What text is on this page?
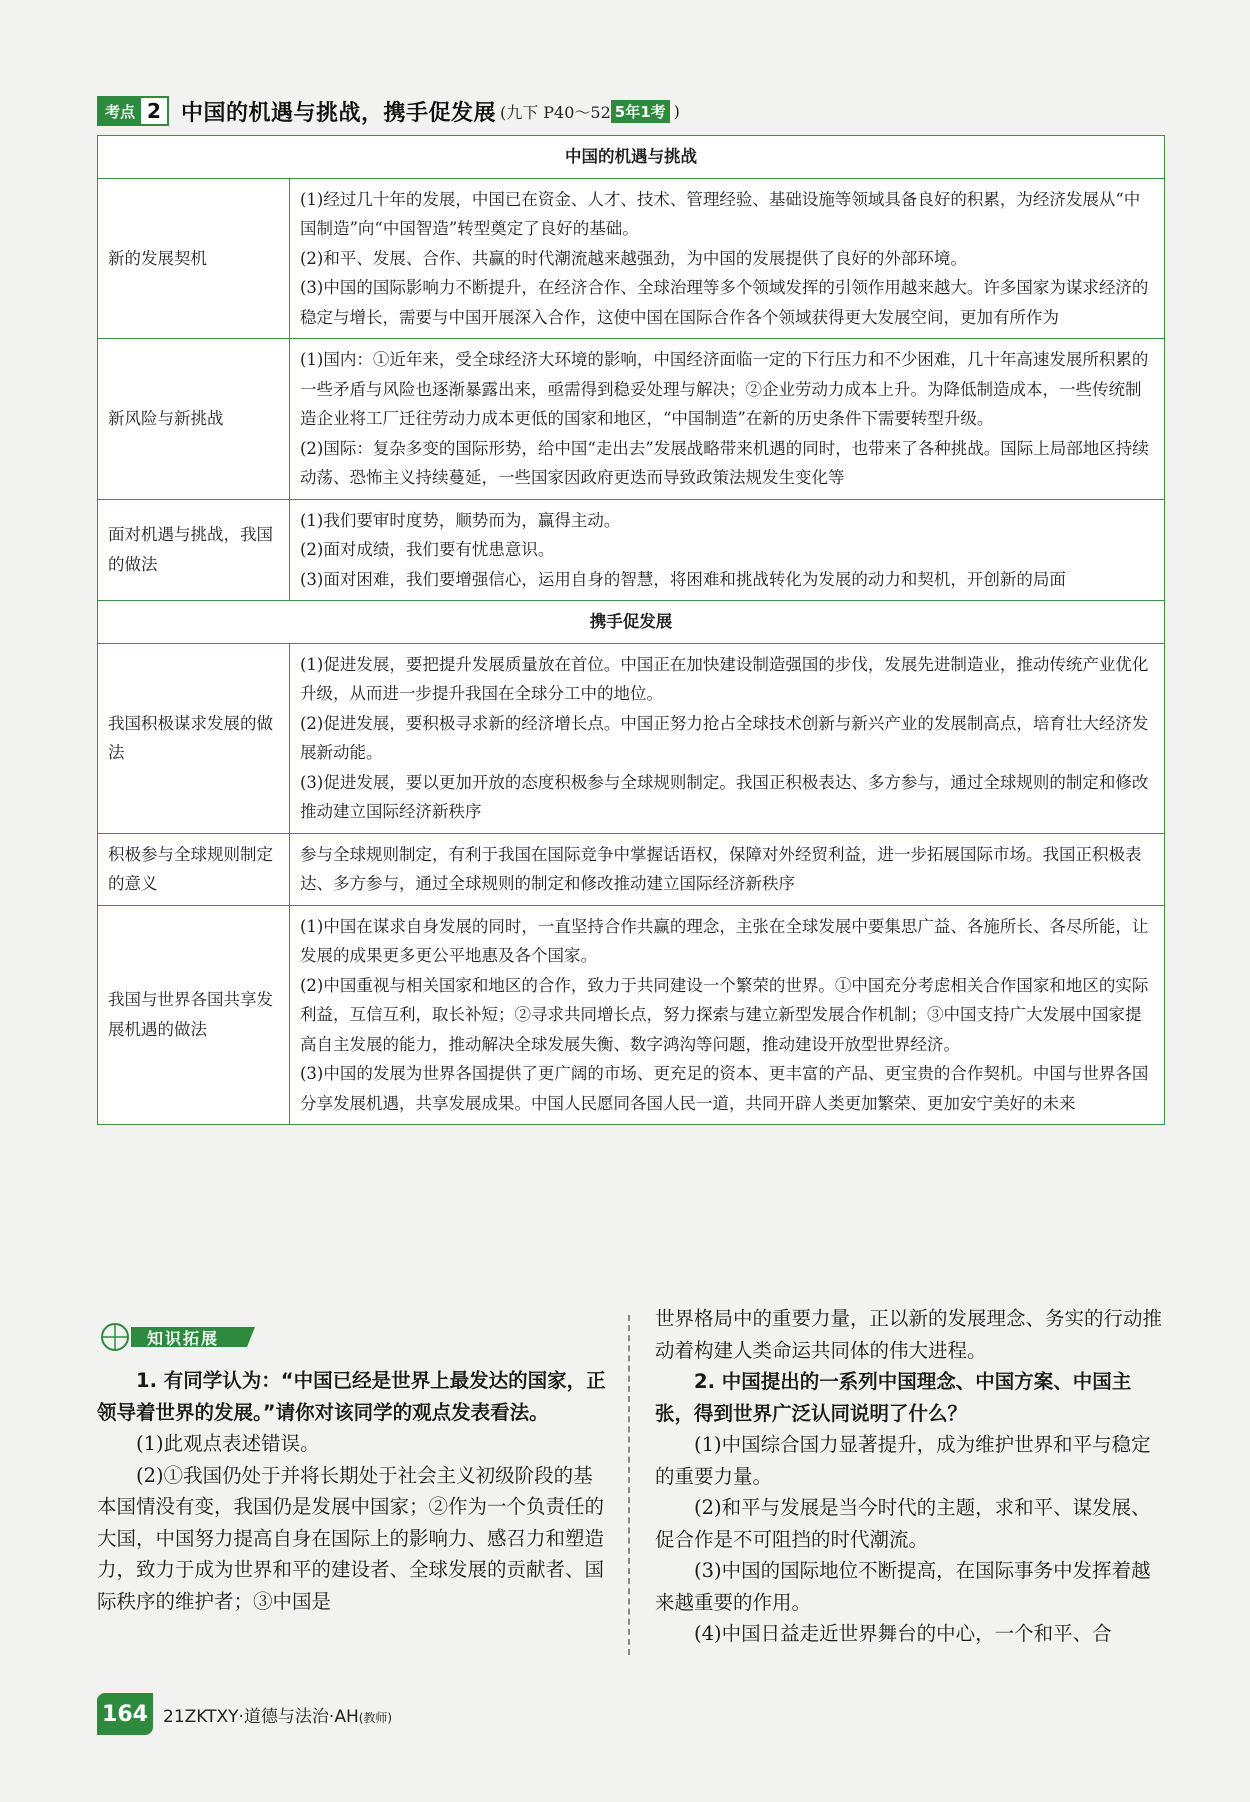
考点 2 中国的机遇与挑战，携手促发展 (九下 P40～52 5年1考 )
中国的机遇与挑战	
新的发展契机	(1)经过几十年的发展，中国已在资金、人才、技术、管理经验、基础设施等领域具备良好的积累，为经济发展从“中国制造”向“中国智造”转型奠定了良好的基础。

(2)和平、发展、合作、共赢的时代潮流越来越强劲，为中国的发展提供了良好的外部环境。

(3)中国的国际影响力不断提升，在经济合作、全球治理等多个领域发挥的引领作用越来越大。许多国家为谋求经济的稳定与增长，需要与中国开展深入合作，这使中国在国际合作各个领域获得更大发展空间，更加有所作为

新风险与新挑战	(1)国内：①近年来，受全球经济大环境的影响，中国经济面临一定的下行压力和不少困难，几十年高速发展所积累的一些矛盾与风险也逐渐暴露出来，亟需得到稳妥处理与解决；②企业劳动力成本上升。为降低制造成本，一些传统制造企业将工厂迁往劳动力成本更低的国家和地区，“中国制造”在新的历史条件下需要转型升级。

(2)国际：复杂多变的国际形势，给中国“走出去”发展战略带来机遇的同时，也带来了各种挑战。国际上局部地区持续动荡、恐怖主义持续蔓延，一些国家因政府更迭而导致政策法规发生变化等

面对机遇与挑战，我国的做法	(1)我们要审时度势，顺势而为，赢得主动。

(2)面对成绩，我们要有忧患意识。

(3)面对困难，我们要增强信心，运用自身的智慧，将困难和挑战转化为发展的动力和契机，开创新的局面

携手促发展	
我国积极谋求发展的做法	(1)促进发展，要把提升发展质量放在首位。中国正在加快建设制造强国的步伐，发展先进制造业，推动传统产业优化升级，从而进一步提升我国在全球分工中的地位。

(2)促进发展，要积极寻求新的经济增长点。中国正努力抢占全球技术创新与新兴产业的发展制高点，培育壮大经济发展新动能。

(3)促进发展，要以更加开放的态度积极参与全球规则制定。我国正积极表达、多方参与，通过全球规则的制定和修改推动建立国际经济新秩序

积极参与全球规则制定的意义	参与全球规则制定，有利于我国在国际竞争中掌握话语权，保障对外经贸利益，进一步拓展国际市场。我国正积极表达、多方参与，通过全球规则的制定和修改推动建立国际经济新秩序

我国与世界各国共享发展机遇的做法	(1)中国在谋求自身发展的同时，一直坚持合作共赢的理念，主张在全球发展中要集思广益、各施所长、各尽所能，让发展的成果更多更公平地惠及各个国家。

(2)中国重视与相关国家和地区的合作，致力于共同建设一个繁荣的世界。①中国充分考虑相关合作国家和地区的实际利益，互信互利，取长补短；②寻求共同增长点，努力探索与建立新型发展合作机制；③中国支持广大发展中国家提高自主发展的能力，推动解决全球发展失衡、数字鸿沟等问题，推动建设开放型世界经济。

(3)中国的发展为世界各国提供了更广阔的市场、更充足的资本、更丰富的产品、更宝贵的合作契机。中国与世界各国分享发展机遇，共享发展成果。中国人民愿同各国人民一道，共同开辟人类更加繁荣、更加安宁美好的未来

知识拓展

1. 有同学认为：“中国已经是世界上最发达的国家，正领导着世界的发展。”请你对该同学的观点发表看法。

(1)此观点表述错误。

(2)①我国仍处于并将长期处于社会主义初级阶段的基本国情没有变，我国仍是发展中国家；②作为一个负责任的大国，中国努力提高自身在国际上的影响力、感召力和塑造力，致力于成为世界和平的建设者、全球发展的贡献者、国际秩序的维护者；③中国是

世界格局中的重要力量，正以新的发展理念、务实的行动推动着构建人类命运共同体的伟大进程。

2. 中国提出的一系列中国理念、中国方案、中国主张，得到世界广泛认同说明了什么？

(1)中国综合国力显著提升，成为维护世界和平与稳定的重要力量。

(2)和平与发展是当今时代的主题，求和平、谋发展、促合作是不可阻挡的时代潮流。

(3)中国的国际地位不断提高，在国际事务中发挥着越来越重要的作用。

(4)中国日益走近世界舞台的中心，一个和平、合

164 21ZKTXY·道德与法治·AH(教师)
